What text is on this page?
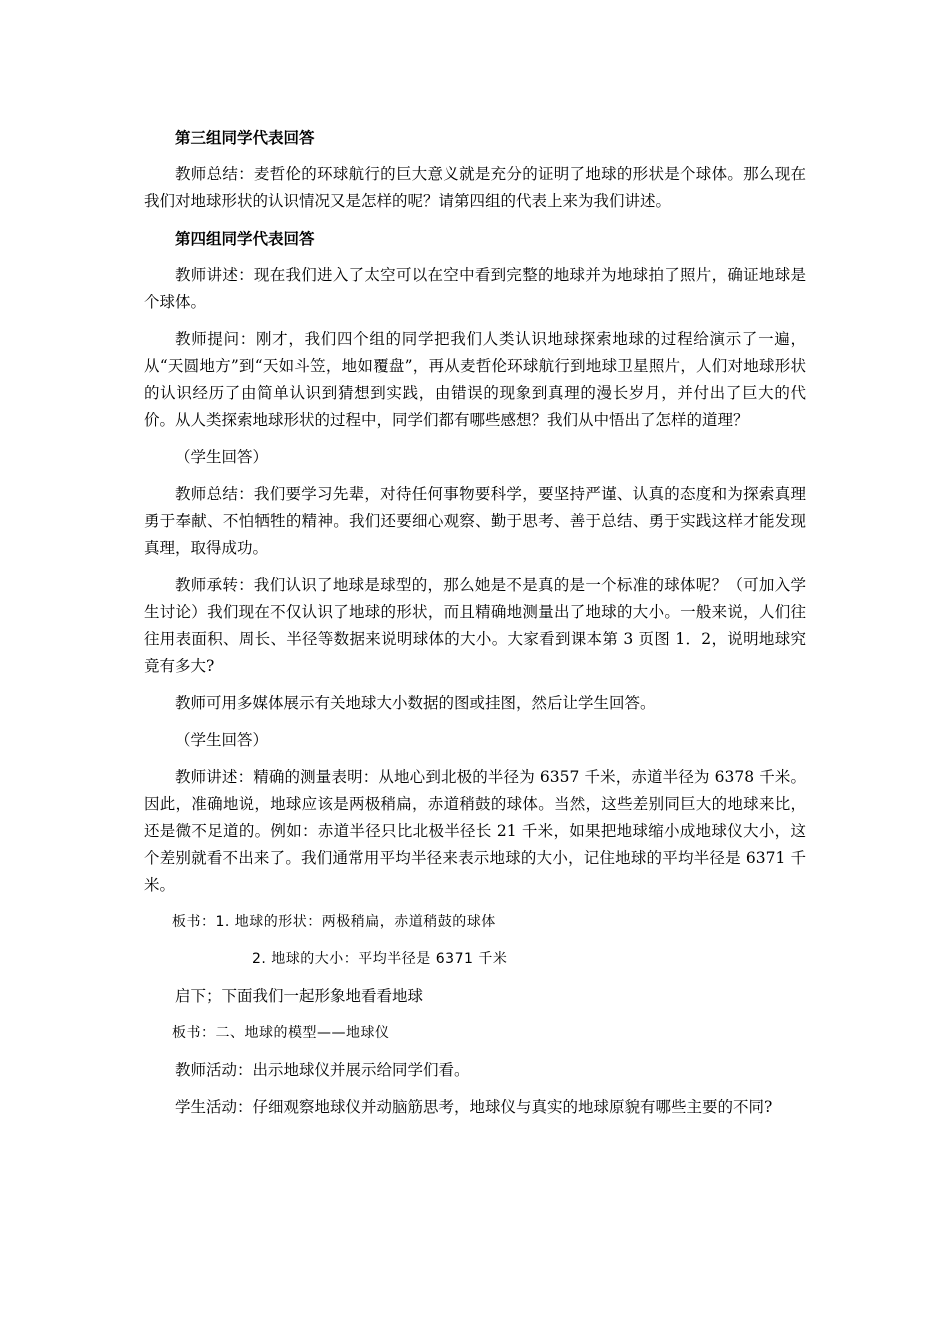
第三组同学代表回答

教师总结：麦哲伦的环球航行的巨大意义就是充分的证明了地球的形状是个球体。那么现在我们对地球形状的认识情况又是怎样的呢？请第四组的代表上来为我们讲述。

第四组同学代表回答

教师讲述：现在我们进入了太空可以在空中看到完整的地球并为地球拍了照片，确证地球是个球体。

教师提问：刚才，我们四个组的同学把我们人类认识地球探索地球的过程给演示了一遍，从“天圆地方”到“天如斗笠，地如覆盘”，再从麦哲伦环球航行到地球卫星照片，人们对地球形状的认识经历了由简单认识到猜想到实践，由错误的现象到真理的漫长岁月，并付出了巨大的代价。从人类探索地球形状的过程中，同学们都有哪些感想？我们从中悟出了怎样的道理？

（学生回答）

教师总结：我们要学习先辈，对待任何事物要科学，要坚持严谨、认真的态度和为探索真理勇于奉献、不怕牺牲的精神。我们还要细心观察、勤于思考、善于总结、勇于实践这样才能发现真理，取得成功。

教师承转：我们认识了地球是球型的，那么她是不是真的是一个标准的球体呢？（可加入学生讨论）我们现在不仅认识了地球的形状，而且精确地测量出了地球的大小。一般来说，人们往往用表面积、周长、半径等数据来说明球体的大小。大家看到课本第 3 页图 1．2，说明地球究竟有多大?

教师可用多媒体展示有关地球大小数据的图或挂图，然后让学生回答。

（学生回答）

教师讲述：精确的测量表明：从地心到北极的半径为 6357 千米，赤道半径为 6378 千米。因此，准确地说，地球应该是两极稍扁，赤道稍鼓的球体。当然，这些差别同巨大的地球来比，还是微不足道的。例如：赤道半径只比北极半径长 21 千米，如果把地球缩小成地球仪大小，这个差别就看不出来了。我们通常用平均半径来表示地球的大小，记住地球的平均半径是 6371 千米。

板书：1. 地球的形状：两极稍扁，赤道稍鼓的球体

2. 地球的大小：平均半径是 6371 千米

启下；下面我们一起形象地看看地球

板书：二、地球的模型——地球仪

教师活动：出示地球仪并展示给同学们看。

学生活动：仔细观察地球仪并动脑筋思考，地球仪与真实的地球原貌有哪些主要的不同?
